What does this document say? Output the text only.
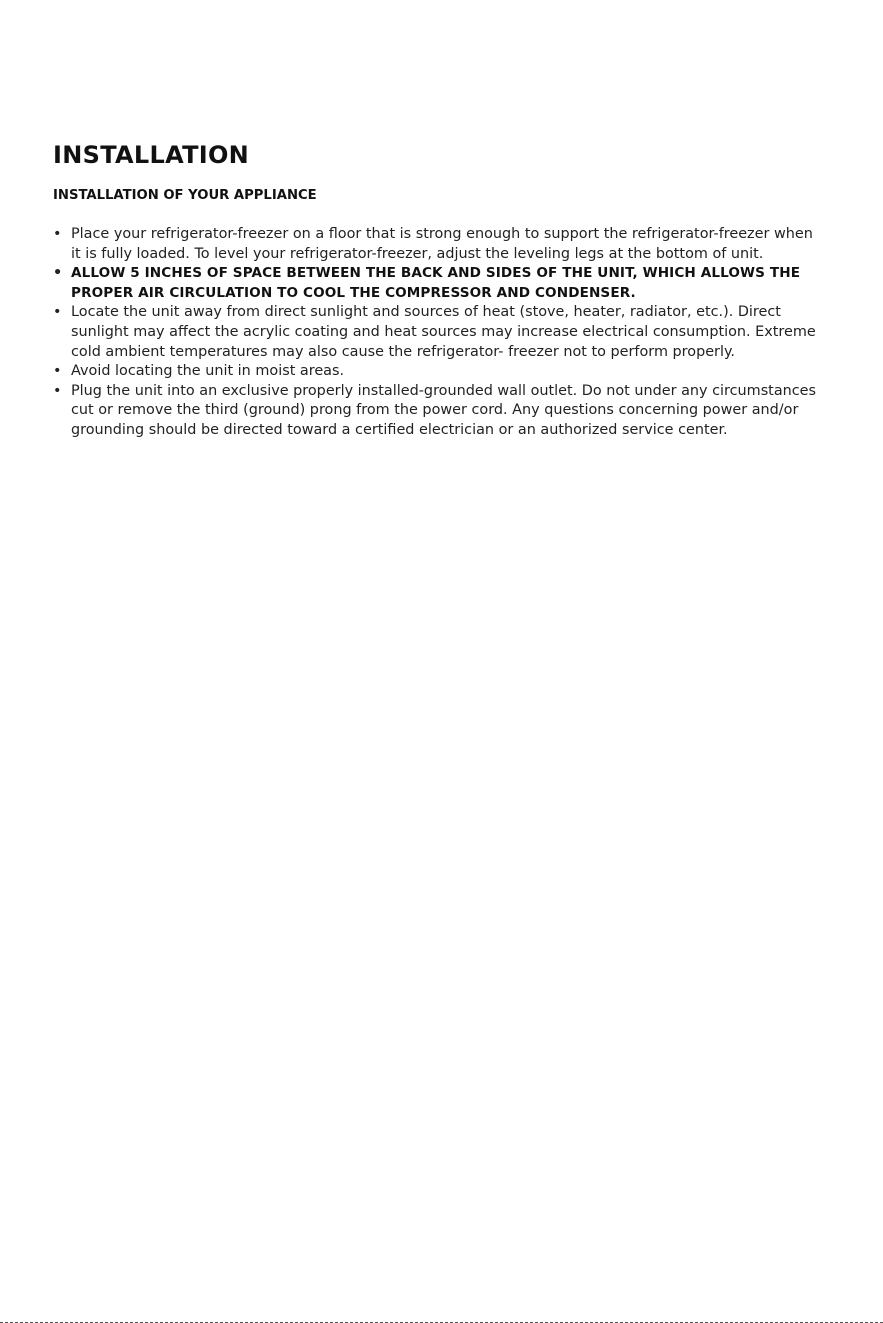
INSTALLATION
INSTALLATION OF YOUR APPLIANCE
• Place your refrigerator-freezer on a floor that is strong enough to support the refrigerator-freezer when it is fully loaded. To level your refrigerator-freezer, adjust the leveling legs at the bottom of unit.
• ALLOW 5 INCHES OF SPACE BETWEEN THE BACK AND SIDES OF THE UNIT, WHICH ALLOWS THE PROPER AIR CIRCULATION TO COOL THE COMPRESSOR AND CONDENSER.
• Locate the unit away from direct sunlight and sources of heat (stove, heater, radiator, etc.). Direct sunlight may affect the acrylic coating and heat sources may increase electrical consumption. Extreme cold ambient temperatures may also cause the refrigerator- freezer not to perform properly.
• Avoid locating the unit in moist areas.
• Plug the unit into an exclusive properly installed-grounded wall outlet. Do not under any circumstances cut or remove the third (ground) prong from the power cord. Any questions concerning power and/or grounding should be directed toward a certified electrician or an authorized service center.
